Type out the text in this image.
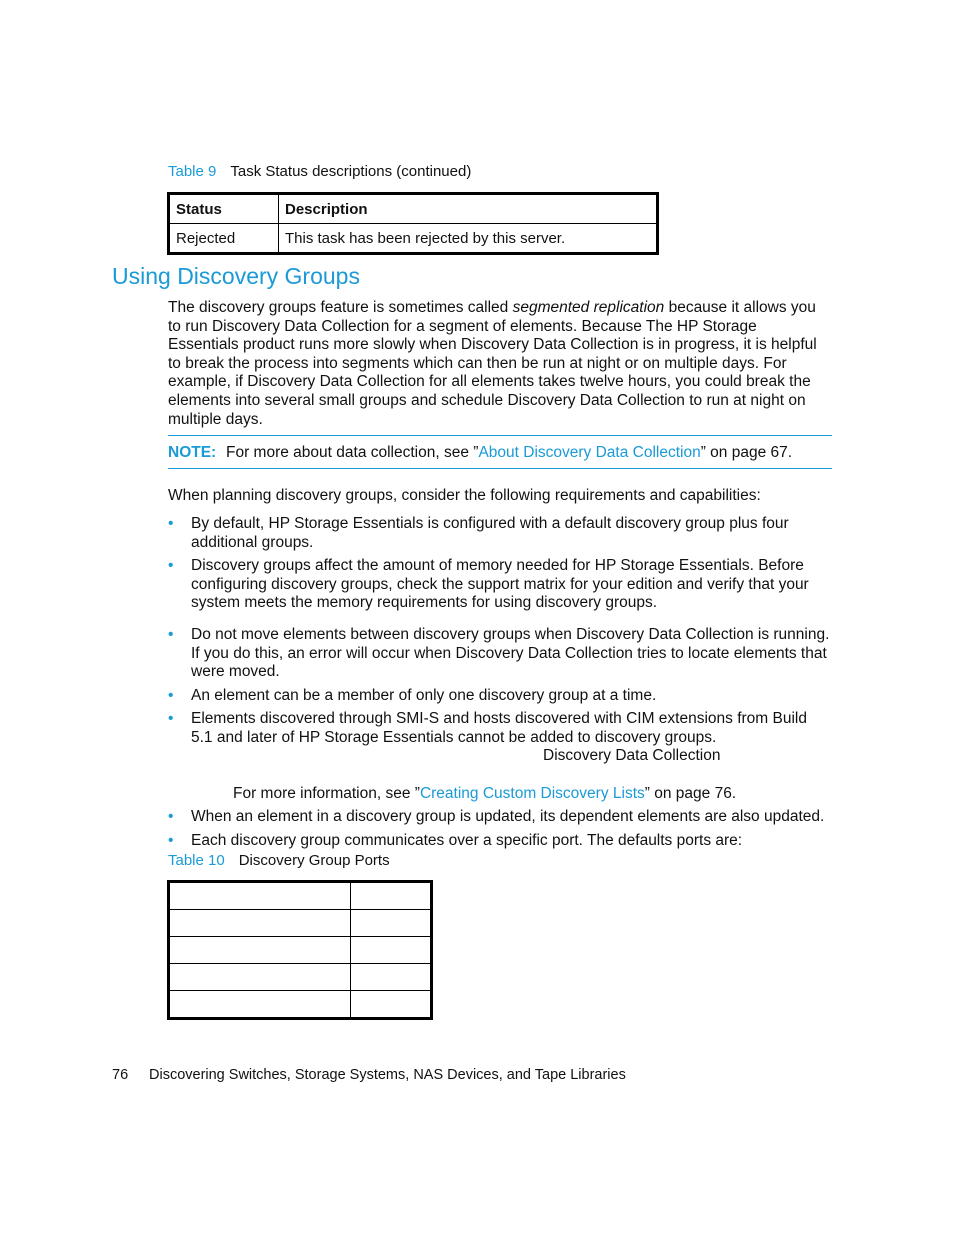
Table 9 Task Status descriptions (continued)
Status	Description
Rejected	This task has been rejected by this server.
Using Discovery Groups

The discovery groups feature is sometimes called segmented replication because it allows you to run Discovery Data Collection for a segment of elements. Because The HP Storage Essentials product runs more slowly when Discovery Data Collection is in progress, it is helpful to break the process into segments which can then be run at night or on multiple days. For example, if Discovery Data Collection for all elements takes twelve hours, you could break the elements into several small groups and schedule Discovery Data Collection to run at night on multiple days.

NOTE: For more about data collection, see ”About Discovery Data Collection” on page 67.

When planning discovery groups, consider the following requirements and capabilities:

• By default, HP Storage Essentials is configured with a default discovery group plus four additional groups.
• Discovery groups affect the amount of memory needed for HP Storage Essentials. Before configuring discovery groups, check the support matrix for your edition and verify that your system meets the memory requirements for using discovery groups.
• Do not move elements between discovery groups when Discovery Data Collection is running. If you do this, an error will occur when Discovery Data Collection tries to locate elements that were moved.
• An element can be a member of only one discovery group at a time.
• Elements discovered through SMI-S and hosts discovered with CIM extensions from Build 5.1 and later of HP Storage Essentials cannot be added to discovery groups.
Discovery Data Collection
For more information, see ”Creating Custom Discovery Lists” on page 76.
• When an element in a discovery group is updated, its dependent elements are also updated.
• Each discovery group communicates over a specific port. The defaults ports are:
Table 10 Discovery Group Ports

76 Discovering Switches, Storage Systems, NAS Devices, and Tape Libraries
